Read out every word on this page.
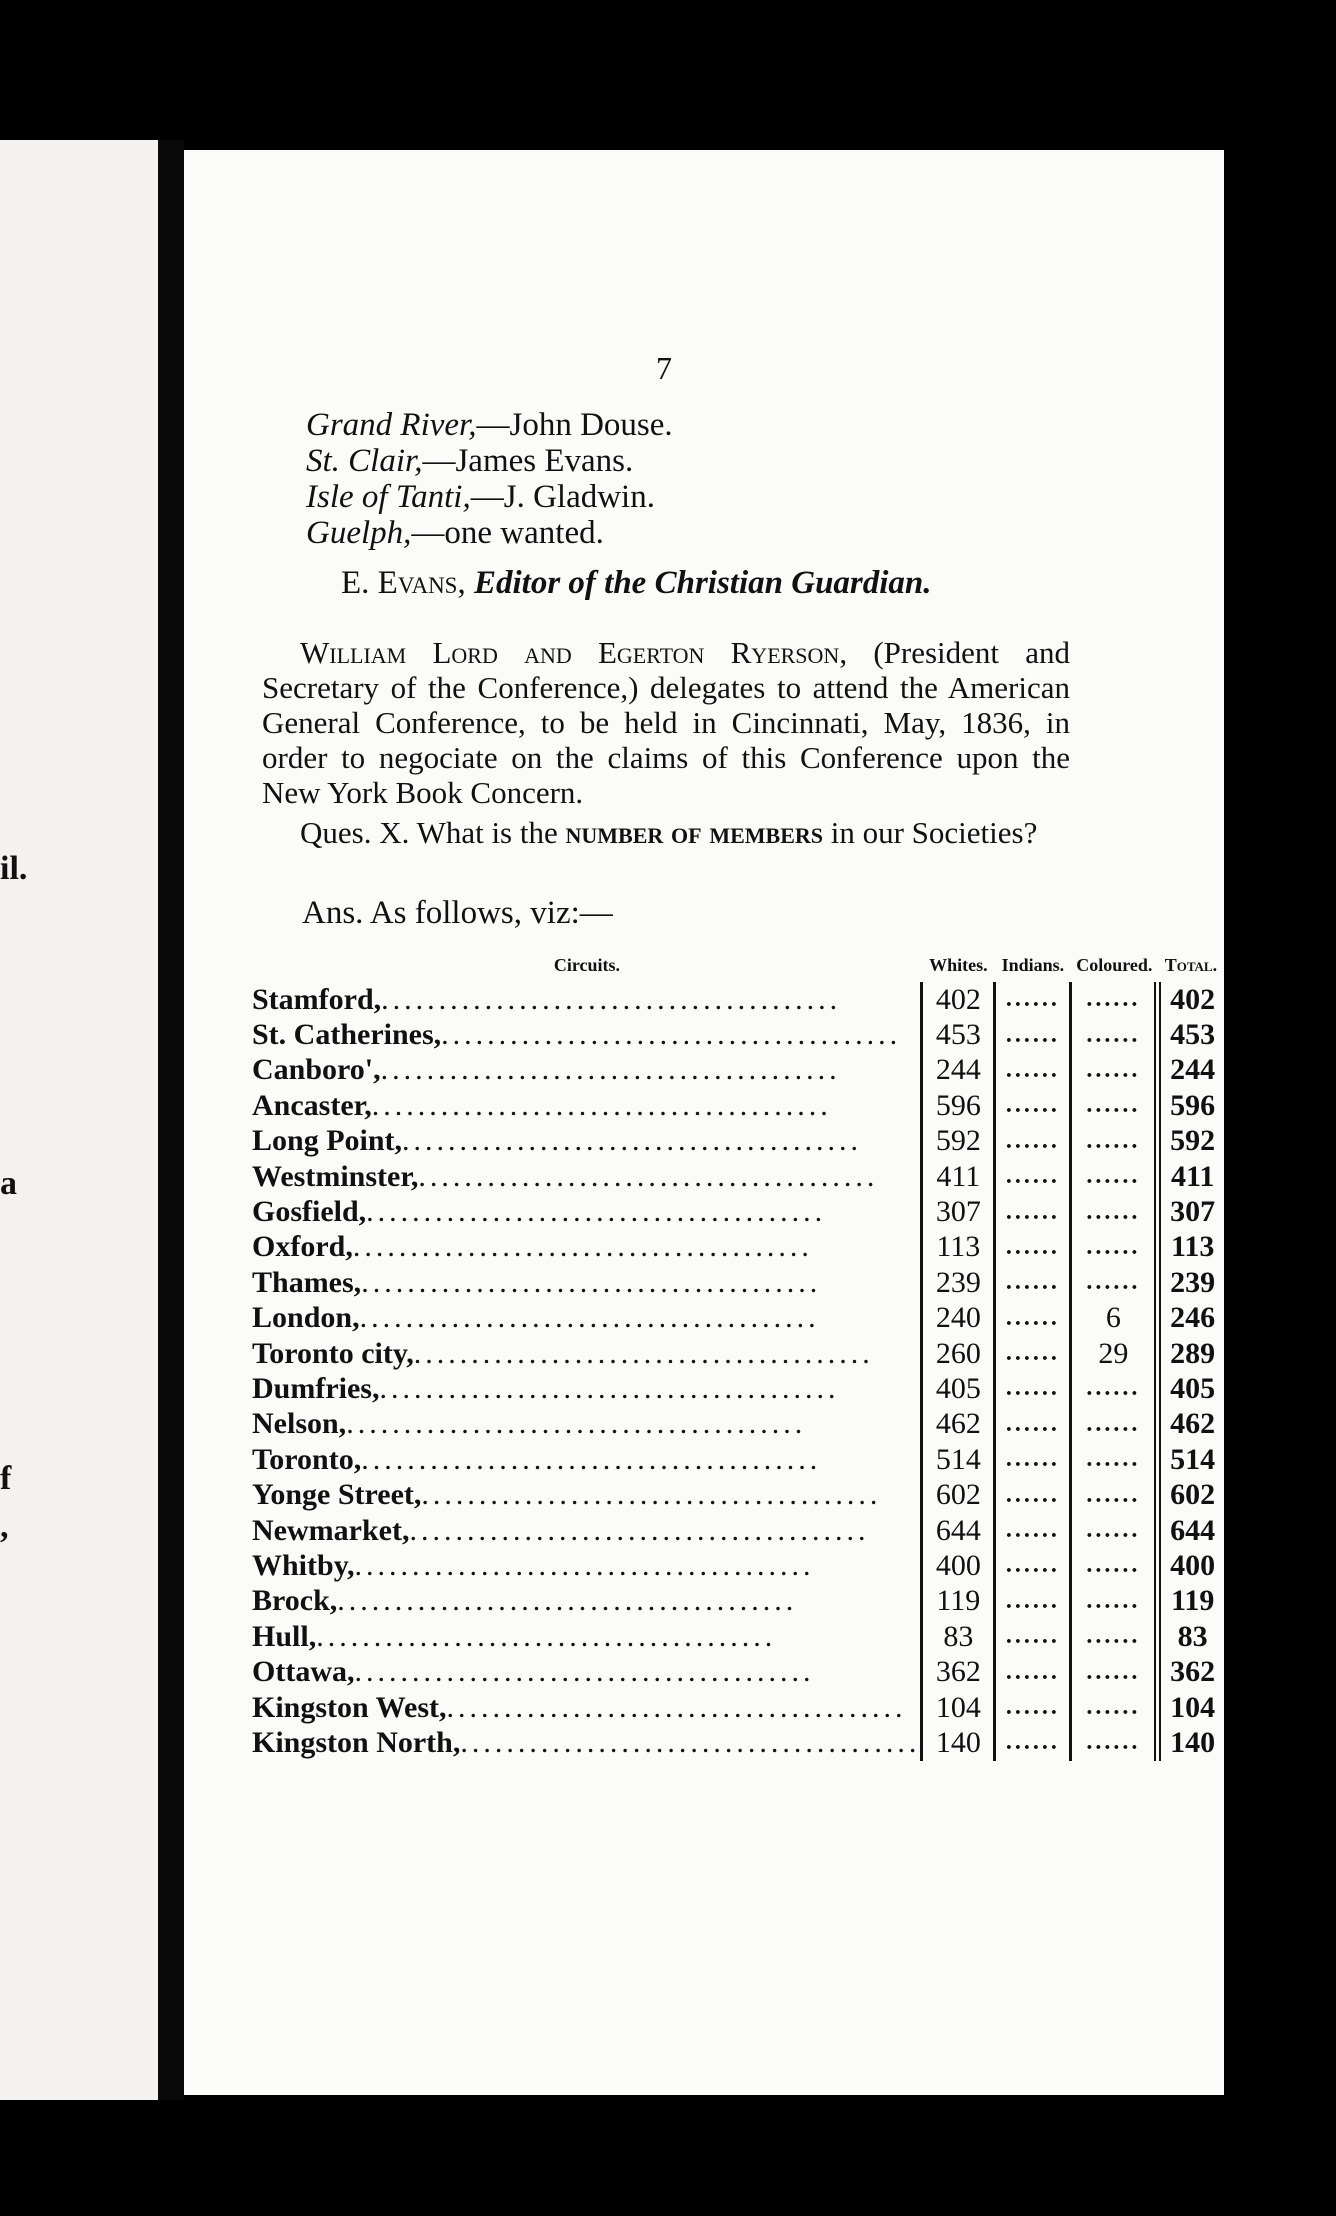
il.
a
f
,
7
Grand River,—John Douse.
St. Clair,—James Evans.
Isle of Tanti,—J. Gladwin.
Guelph,—one wanted.
E. Evans, Editor of the Christian Guardian.
William Lord and Egerton Ryerson, (President and Secretary of the Conference,) delegates to attend the American General Conference, to be held in Cincinnati, May, 1836, in order to negociate on the claims of this Conference upon the New York Book Concern.
Ques. X. What is the number of members in our Societies?
Ans. As follows, viz:—
Circuits.	Whites.	Indians.	Coloured.	Total.
Stamford,........................................	402	......	......	402
St. Catherines,........................................	453	......	......	453
Canboro',........................................	244	......	......	244
Ancaster,........................................	596	......	......	596
Long Point,........................................	592	......	......	592
Westminster,........................................	411	......	......	411
Gosfield,........................................	307	......	......	307
Oxford,........................................	113	......	......	113
Thames,........................................	239	......	......	239
London,........................................	240	......	6	246
Toronto city,........................................	260	......	29	289
Dumfries,........................................	405	......	......	405
Nelson,........................................	462	......	......	462
Toronto,........................................	514	......	......	514
Yonge Street,........................................	602	......	......	602
Newmarket,........................................	644	......	......	644
Whitby,........................................	400	......	......	400
Brock,........................................	119	......	......	119
Hull,........................................	83	......	......	83
Ottawa,........................................	362	......	......	362
Kingston West,........................................	104	......	......	104
Kingston North,........................................	140	......	......	140
